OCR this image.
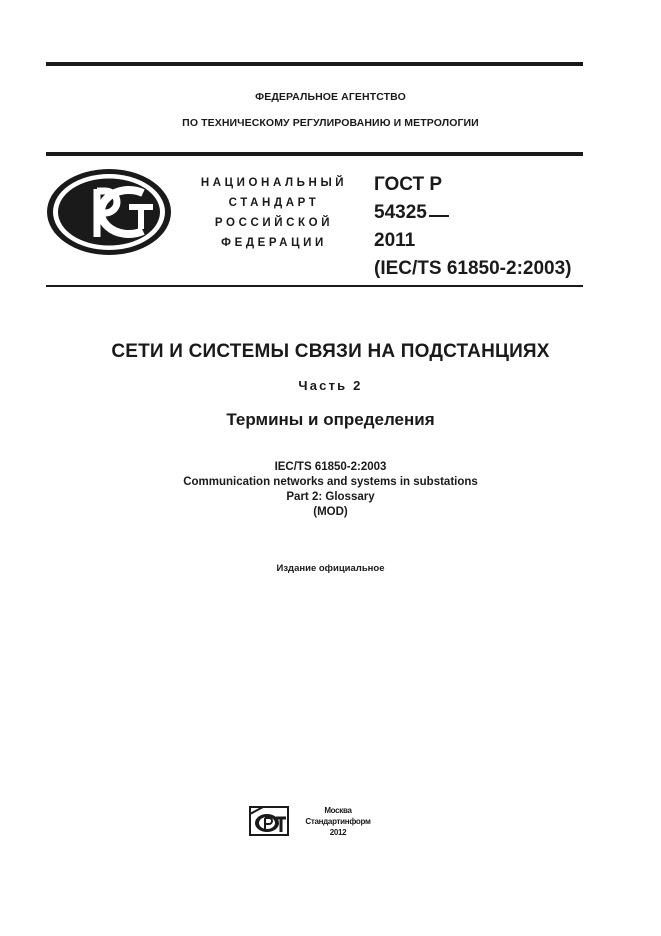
ФЕДЕРАЛЬНОЕ АГЕНТСТВО
ПО ТЕХНИЧЕСКОМУ РЕГУЛИРОВАНИЮ И МЕТРОЛОГИИ
НАЦИОНАЛЬНЫЙ
СТАНДАРТ
РОССИЙСКОЙ
ФЕДЕРАЦИИ
ГОСТ Р
54325
2011
(IEC/TS 61850-2:2003)
СЕТИ И СИСТЕМЫ СВЯЗИ НА ПОДСТАНЦИЯХ
Часть 2
Термины и определения
IEC/TS 61850-2:2003
Communication networks and systems in substations
Part 2: Glossary
(MOD)
Издание официальное
Москва
Стандартинформ
2012
